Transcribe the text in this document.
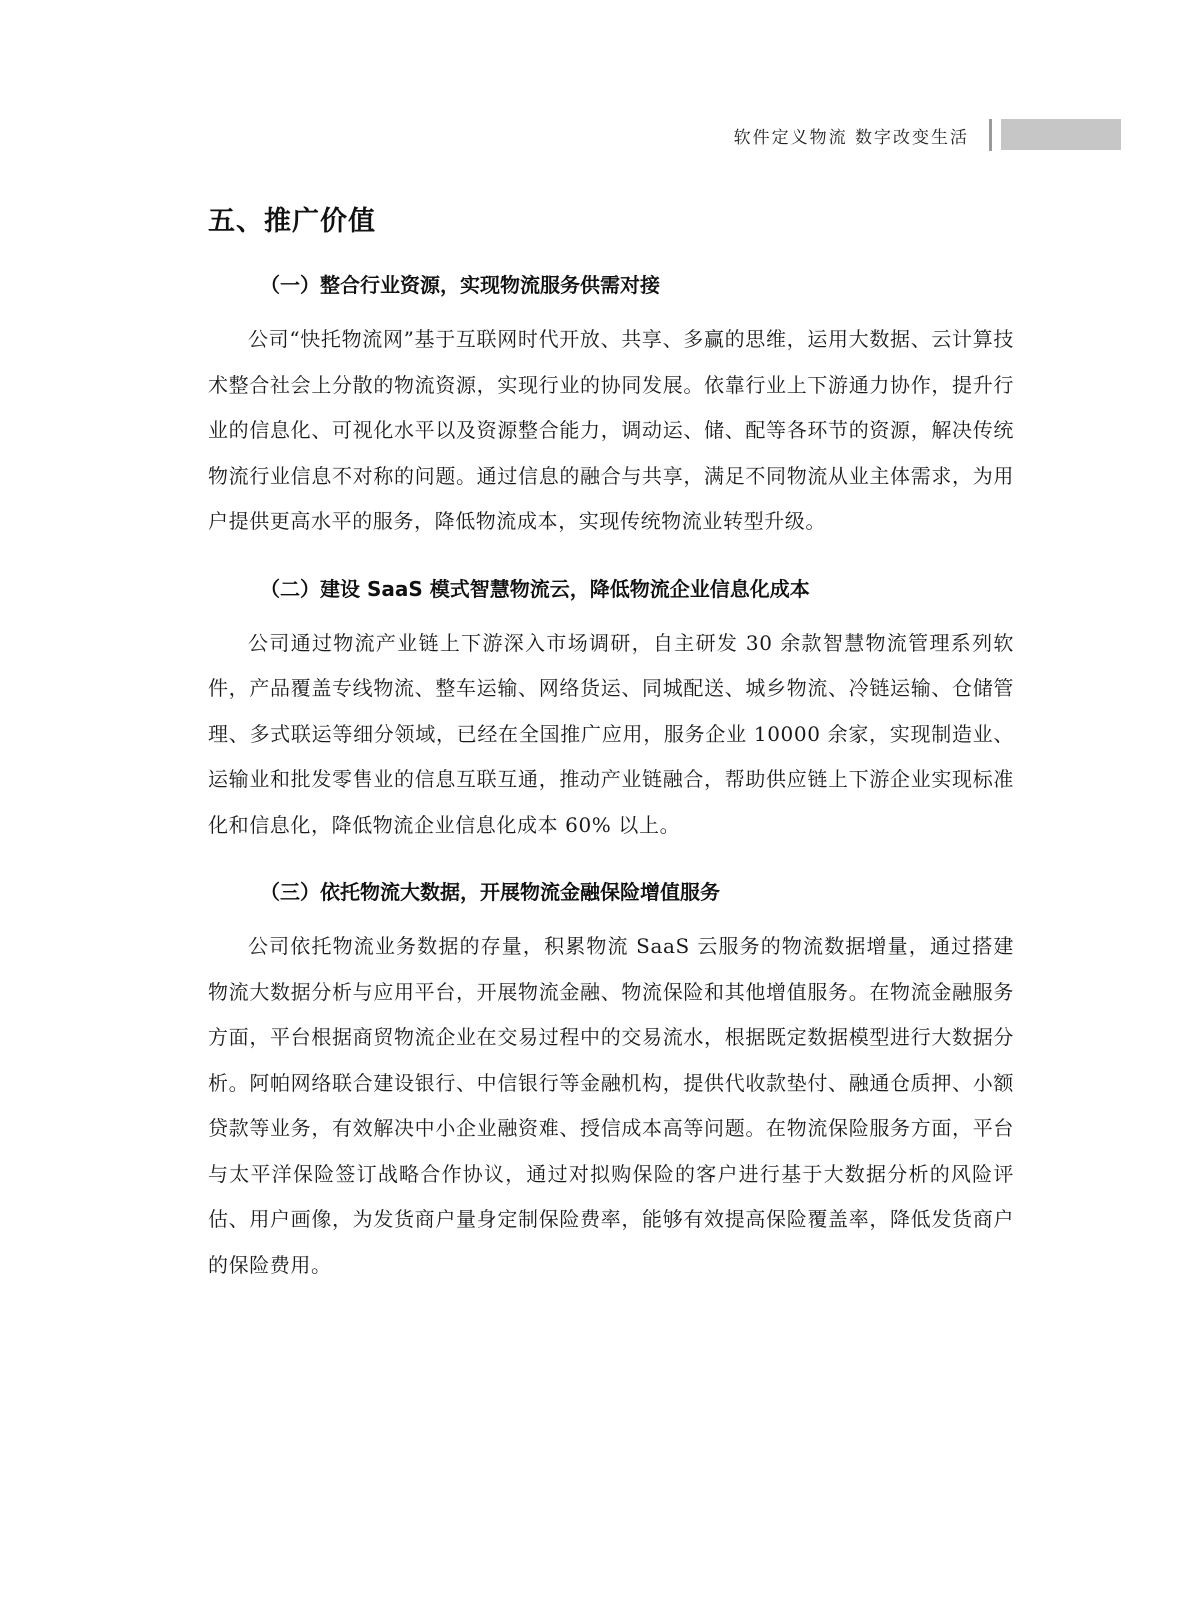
软件定义物流 数字改变生活
五、推广价值
（一）整合行业资源，实现物流服务供需对接

公司“快托物流网”基于互联网时代开放、共享、多赢的思维，运用大数据、云计算技术整合社会上分散的物流资源，实现行业的协同发展。依靠行业上下游通力协作，提升行业的信息化、可视化水平以及资源整合能力，调动运、储、配等各环节的资源，解决传统物流行业信息不对称的问题。通过信息的融合与共享，满足不同物流从业主体需求，为用户提供更高水平的服务，降低物流成本，实现传统物流业转型升级。

（二）建设 SaaS 模式智慧物流云，降低物流企业信息化成本

公司通过物流产业链上下游深入市场调研，自主研发 30 余款智慧物流管理系列软件，产品覆盖专线物流、整车运输、网络货运、同城配送、城乡物流、冷链运输、仓储管理、多式联运等细分领域，已经在全国推广应用，服务企业 10000 余家，实现制造业、运输业和批发零售业的信息互联互通，推动产业链融合，帮助供应链上下游企业实现标准化和信息化，降低物流企业信息化成本 60% 以上。

（三）依托物流大数据，开展物流金融保险增值服务

公司依托物流业务数据的存量，积累物流 SaaS 云服务的物流数据增量，通过搭建物流大数据分析与应用平台，开展物流金融、物流保险和其他增值服务。在物流金融服务方面，平台根据商贸物流企业在交易过程中的交易流水，根据既定数据模型进行大数据分析。阿帕网络联合建设银行、中信银行等金融机构，提供代收款垫付、融通仓质押、小额贷款等业务，有效解决中小企业融资难、授信成本高等问题。在物流保险服务方面，平台与太平洋保险签订战略合作协议，通过对拟购保险的客户进行基于大数据分析的风险评估、用户画像，为发货商户量身定制保险费率，能够有效提高保险覆盖率，降低发货商户的保险费用。
